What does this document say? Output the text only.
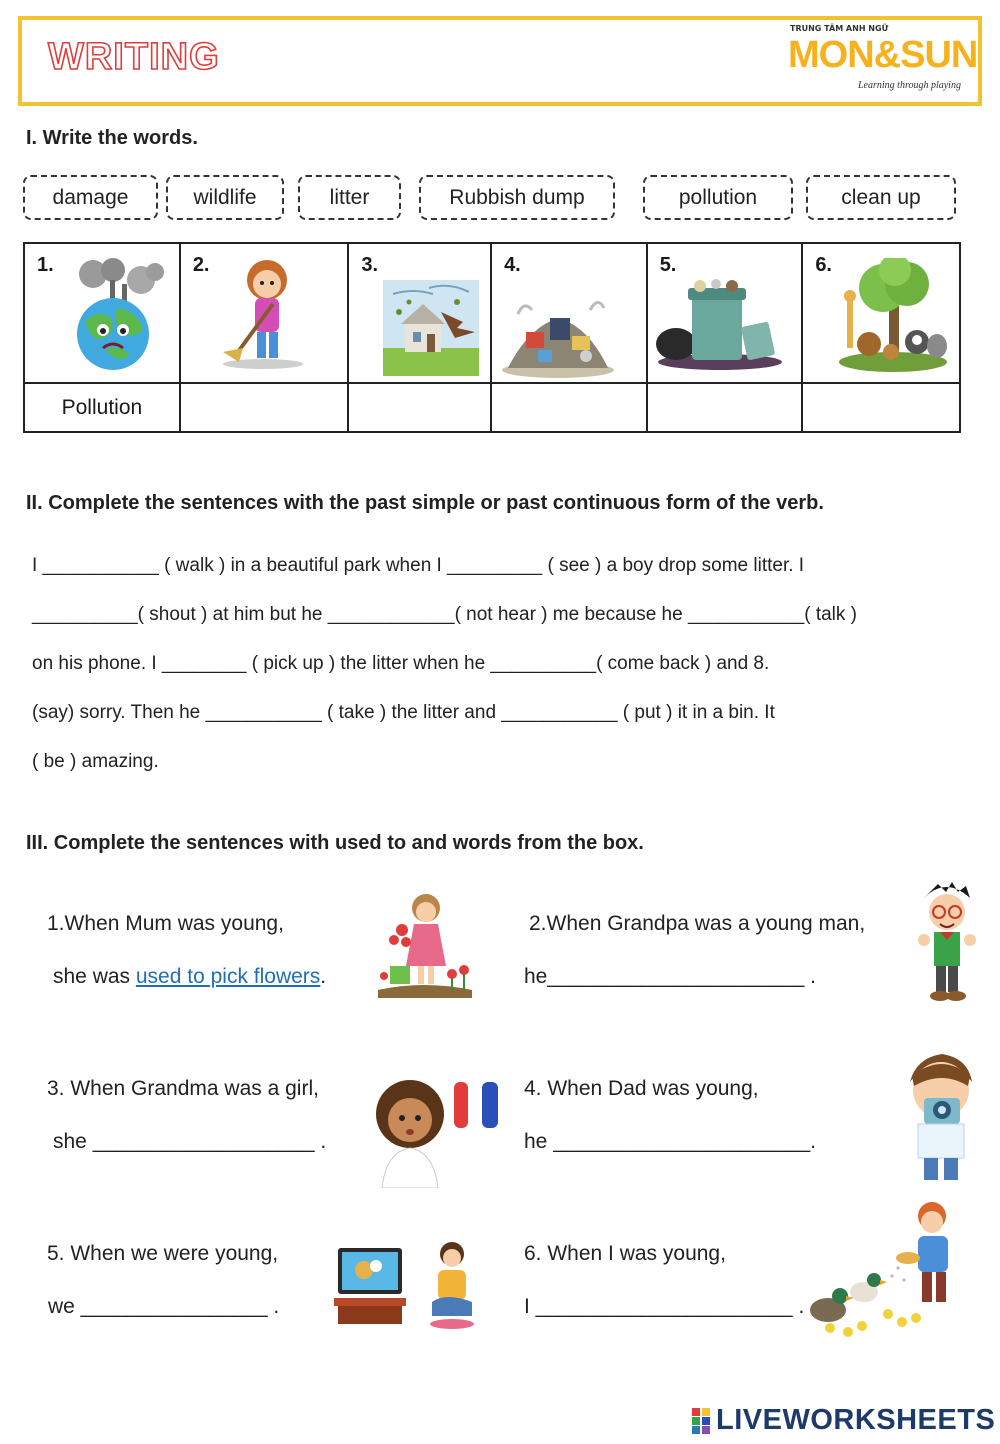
WRITING
TRUNG TÂM ANH NGỮ
MON&SUN
Learning through playing
I. Write the words.
damage	wildlife	litter	Rubbish dump	pollution	clean up
1.	2.	3.	4.	5.	6.

Pollution					
II. Complete the sentences with the past simple or past continuous form of the verb.
I ___________ ( walk ) in a beautiful park when I _________ ( see ) a boy drop some litter. I
__________( shout ) at him but he ____________( not hear ) me because he ___________( talk )
on his phone. I ________ ( pick up ) the litter when he __________( come back ) and 8.
(say) sorry. Then he ___________ ( take ) the litter and ___________ ( put ) it in a bin. It
( be ) amazing.
III. Complete the sentences with used to and words from the box.
1.When Mum was young,
she was used to pick flowers.
2.When Grandpa was a young man,
he______________________ .
3. When Grandma was a girl,
she ___________________ .
4. When Dad was young,
he ______________________.
5. When we were young,
we ________________ .
6. When I was young,
I ______________________ .
LIVEWORKSHEETS
